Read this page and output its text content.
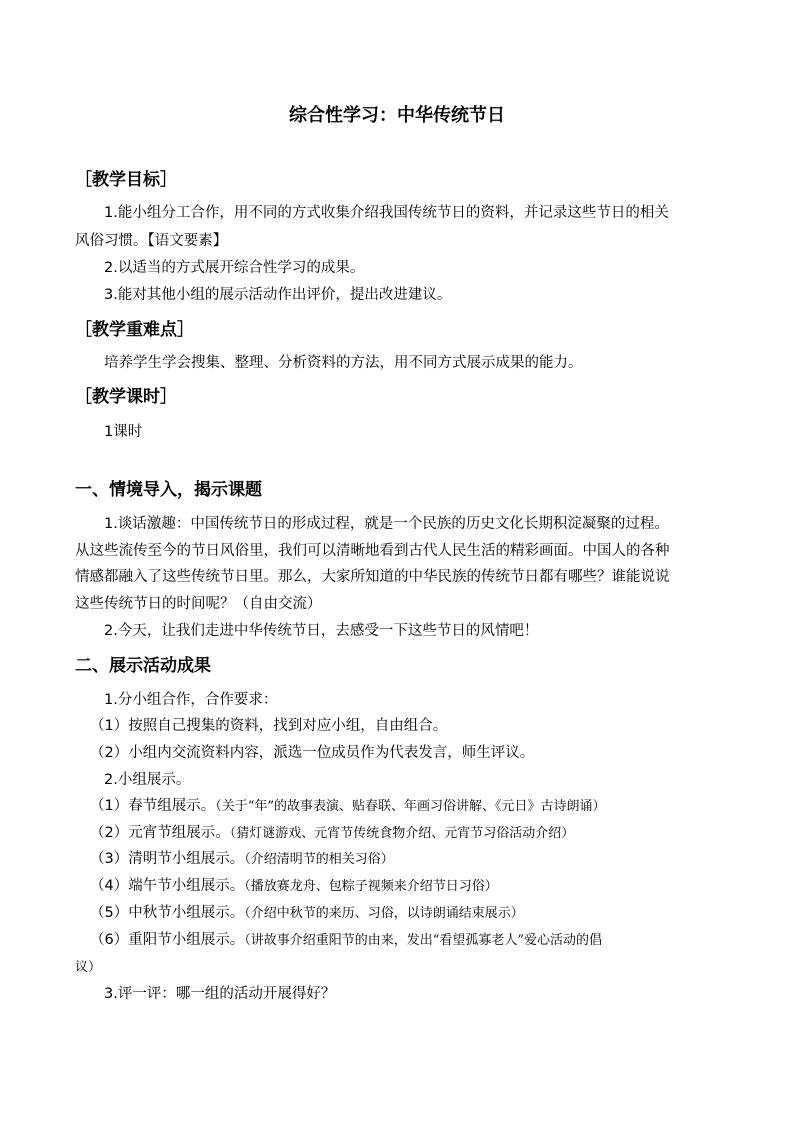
综合性学习：中华传统节日
［教学目标］
1.能小组分工合作，用不同的方式收集介绍我国传统节日的资料，并记录这些节日的相关
风俗习惯。【语文要素】
2.以适当的方式展开综合性学习的成果。
3.能对其他小组的展示活动作出评价，提出改进建议。
［教学重难点］
培养学生学会搜集、整理、分析资料的方法，用不同方式展示成果的能力。
［教学课时］
1课时
一、情境导入，揭示课题
1.谈话激趣：中国传统节日的形成过程，就是一个民族的历史文化长期积淀凝聚的过程。
从这些流传至今的节日风俗里，我们可以清晰地看到古代人民生活的精彩画面。中国人的各种
情感都融入了这些传统节日里。那么，大家所知道的中华民族的传统节日都有哪些？谁能说说
这些传统节日的时间呢？（自由交流）
2.今天，让我们走进中华传统节日，去感受一下这些节日的风情吧！
二、展示活动成果
1.分小组合作，合作要求：
（1）按照自己搜集的资料，找到对应小组，自由组合。
（2）小组内交流资料内容，派选一位成员作为代表发言，师生评议。
2.小组展示。
（1）春节组展示。（关于“年”的故事表演、贴春联、年画习俗讲解、《元日》古诗朗诵）
（2）元宵节组展示。（猜灯谜游戏、元宵节传统食物介绍、元宵节习俗活动介绍）
（3）清明节小组展示。（介绍清明节的相关习俗）
（4）端午节小组展示。（播放赛龙舟、包粽子视频来介绍节日习俗）
（5）中秋节小组展示。（介绍中秋节的来历、习俗，以诗朗诵结束展示）
（6）重阳节小组展示。（讲故事介绍重阳节的由来，发出“看望孤寡老人”爱心活动的倡
议）
3.评一评：哪一组的活动开展得好？
